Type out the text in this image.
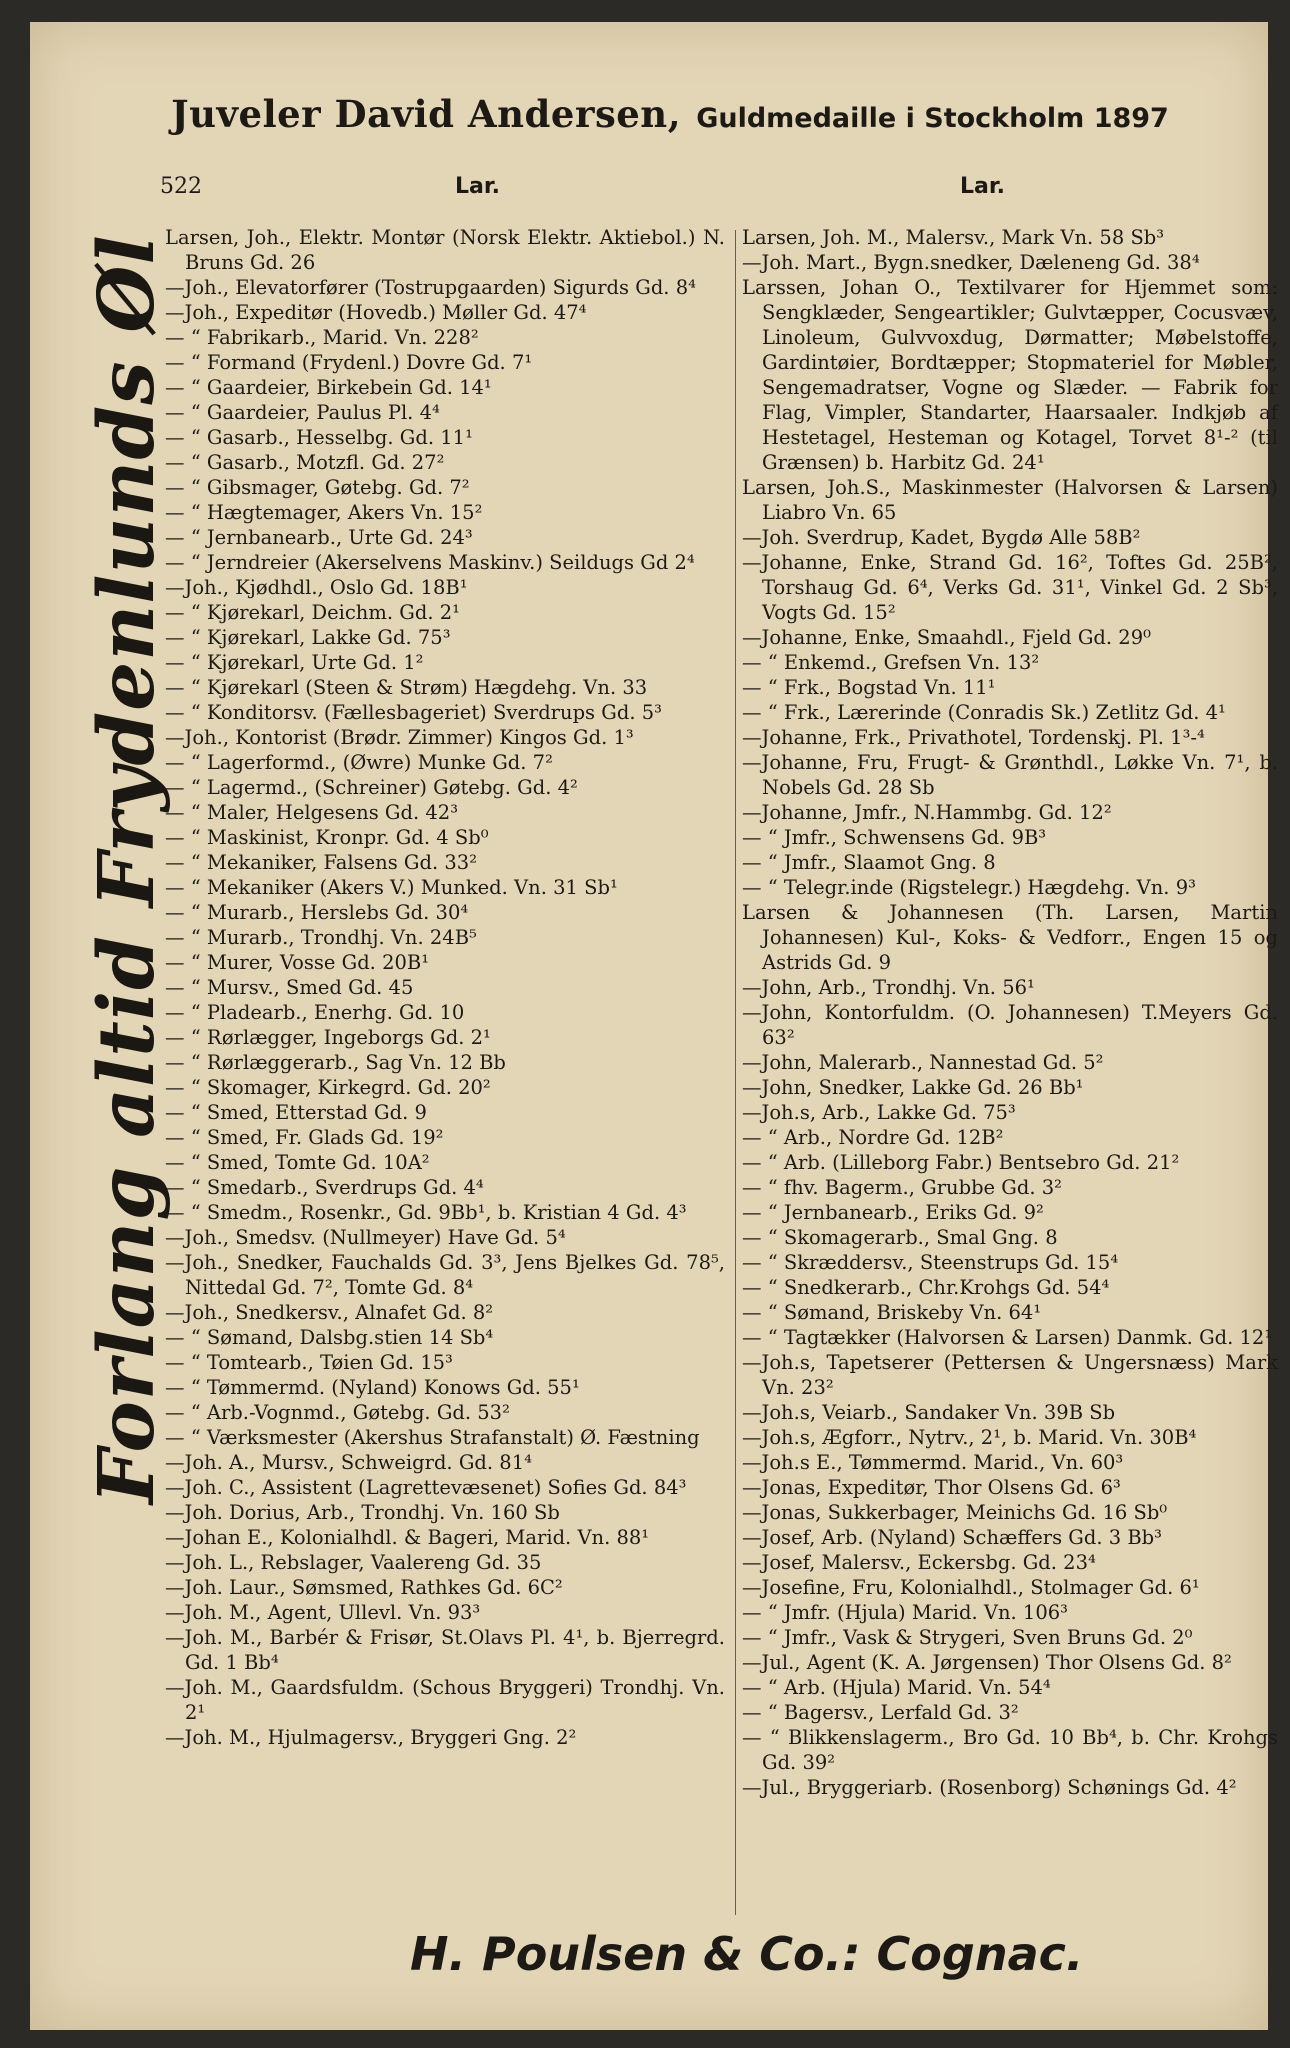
Juveler David Andersen, Guldmedaille i Stockholm 1897
522	Lar.	Lar.
Forlang altid Frydenlunds Øl

Larsen, Joh., Elektr. Montør (Norsk Elektr. Aktiebol.) N. Bruns Gd. 26

—Joh., Elevatorfører (Tostrupgaarden) Sigurds Gd. 8⁴

—Joh., Expeditør (Hovedb.) Møller Gd. 47⁴

— “ Fabrikarb., Marid. Vn. 228²

— “ Formand (Frydenl.) Dovre Gd. 7¹

— “ Gaardeier, Birkebein Gd. 14¹

— “ Gaardeier, Paulus Pl. 4⁴

— “ Gasarb., Hesselbg. Gd. 11¹

— “ Gasarb., Motzfl. Gd. 27²

— “ Gibsmager, Gøtebg. Gd. 7²

— “ Hægtemager, Akers Vn. 15²

— “ Jernbanearb., Urte Gd. 24³

— “ Jerndreier (Akerselvens Maskinv.) Seildugs Gd 2⁴

—Joh., Kjødhdl., Oslo Gd. 18B¹

— “ Kjørekarl, Deichm. Gd. 2¹

— “ Kjørekarl, Lakke Gd. 75³

— “ Kjørekarl, Urte Gd. 1²

— “ Kjørekarl (Steen & Strøm) Hægdehg. Vn. 33

— “ Konditorsv. (Fællesbageriet) Sverdrups Gd. 5³

—Joh., Kontorist (Brødr. Zimmer) Kingos Gd. 1³

— “ Lagerformd., (Øwre) Munke Gd. 7²

— “ Lagermd., (Schreiner) Gøtebg. Gd. 4²

— “ Maler, Helgesens Gd. 42³

— “ Maskinist, Kronpr. Gd. 4 Sb⁰

— “ Mekaniker, Falsens Gd. 33²

— “ Mekaniker (Akers V.) Munked. Vn. 31 Sb¹

— “ Murarb., Herslebs Gd. 30⁴

— “ Murarb., Trondhj. Vn. 24B⁵

— “ Murer, Vosse Gd. 20B¹

— “ Mursv., Smed Gd. 45

— “ Pladearb., Enerhg. Gd. 10

— “ Rørlægger, Ingeborgs Gd. 2¹

— “ Rørlæggerarb., Sag Vn. 12 Bb

— “ Skomager, Kirkegrd. Gd. 20²

— “ Smed, Etterstad Gd. 9

— “ Smed, Fr. Glads Gd. 19²

— “ Smed, Tomte Gd. 10A²

— “ Smedarb., Sverdrups Gd. 4⁴

— “ Smedm., Rosenkr., Gd. 9Bb¹, b. Kristian 4 Gd. 4³

—Joh., Smedsv. (Nullmeyer) Have Gd. 5⁴

—Joh., Snedker, Fauchalds Gd. 3³, Jens Bjelkes Gd. 78⁵, Nittedal Gd. 7², Tomte Gd. 8⁴

—Joh., Snedkersv., Alnafet Gd. 8²

— “ Sømand, Dalsbg.stien 14 Sb⁴

— “ Tomtearb., Tøien Gd. 15³

— “ Tømmermd. (Nyland) Konows Gd. 55¹

— “ Arb.-Vognmd., Gøtebg. Gd. 53²

— “ Værksmester (Akershus Strafanstalt) Ø. Fæstning

—Joh. A., Mursv., Schweigrd. Gd. 81⁴

—Joh. C., Assistent (Lagrettevæsenet) Sofies Gd. 84³

—Joh. Dorius, Arb., Trondhj. Vn. 160 Sb

—Johan E., Kolonialhdl. & Bageri, Marid. Vn. 88¹

—Joh. L., Rebslager, Vaalereng Gd. 35

—Joh. Laur., Sømsmed, Rathkes Gd. 6C²

—Joh. M., Agent, Ullevl. Vn. 93³

—Joh. M., Barbér & Frisør, St.Olavs Pl. 4¹, b. Bjerregrd. Gd. 1 Bb⁴

—Joh. M., Gaardsfuldm. (Schous Bryggeri) Trondhj. Vn. 2¹

—Joh. M., Hjulmagersv., Bryggeri Gng. 2²

Larsen, Joh. M., Malersv., Mark Vn. 58 Sb³

—Joh. Mart., Bygn.snedker, Dæleneng Gd. 38⁴

Larssen, Johan O., Textilvarer for Hjemmet som: Sengklæder, Sengeartikler; Gulvtæpper, Cocusvæv, Linoleum, Gulvvoxdug, Dørmatter; Møbelstoffe, Gardintøier, Bordtæpper; Stopmateriel for Møbler, Sengemadratser, Vogne og Slæder. — Fabrik for Flag, Vimpler, Standarter, Haarsaaler. Indkjøb af Hestetagel, Hesteman og Kotagel, Torvet 8¹-² (til Grænsen) b. Harbitz Gd. 24¹

Larsen, Joh.S., Maskinmester (Halvorsen & Larsen) Liabro Vn. 65

—Joh. Sverdrup, Kadet, Bygdø Alle 58B²

—Johanne, Enke, Strand Gd. 16², Toftes Gd. 25B², Torshaug Gd. 6⁴, Verks Gd. 31¹, Vinkel Gd. 2 Sb³, Vogts Gd. 15²

—Johanne, Enke, Smaahdl., Fjeld Gd. 29⁰

— “ Enkemd., Grefsen Vn. 13²

— “ Frk., Bogstad Vn. 11¹

— “ Frk., Lærerinde (Conradis Sk.) Zetlitz Gd. 4¹

—Johanne, Frk., Privathotel, Tordenskj. Pl. 1³-⁴

—Johanne, Fru, Frugt- & Grønthdl., Løkke Vn. 7¹, b. Nobels Gd. 28 Sb

—Johanne, Jmfr., N.Hammbg. Gd. 12²

— “ Jmfr., Schwensens Gd. 9B³

— “ Jmfr., Slaamot Gng. 8

— “ Telegr.inde (Rigstelegr.) Hægdehg. Vn. 9³

Larsen & Johannesen (Th. Larsen, Martin Johannesen) Kul-, Koks- & Vedforr., Engen 15 og Astrids Gd. 9

—John, Arb., Trondhj. Vn. 56¹

—John, Kontorfuldm. (O. Johannesen) T.Meyers Gd. 63²

—John, Malerarb., Nannestad Gd. 5²

—John, Snedker, Lakke Gd. 26 Bb¹

—Joh.s, Arb., Lakke Gd. 75³

— “ Arb., Nordre Gd. 12B²

— “ Arb. (Lilleborg Fabr.) Bentsebro Gd. 21²

— “ fhv. Bagerm., Grubbe Gd. 3²

— “ Jernbanearb., Eriks Gd. 9²

— “ Skomagerarb., Smal Gng. 8

— “ Skræddersv., Steenstrups Gd. 15⁴

— “ Snedkerarb., Chr.Krohgs Gd. 54⁴

— “ Sømand, Briskeby Vn. 64¹

— “ Tagtækker (Halvorsen & Larsen) Danmk. Gd. 12¹

—Joh.s, Tapetserer (Pettersen & Ungersnæss) Mark Vn. 23²

—Joh.s, Veiarb., Sandaker Vn. 39B Sb

—Joh.s, Ægforr., Nytrv., 2¹, b. Marid. Vn. 30B⁴

—Joh.s E., Tømmermd. Marid., Vn. 60³

—Jonas, Expeditør, Thor Olsens Gd. 6³

—Jonas, Sukkerbager, Meinichs Gd. 16 Sb⁰

—Josef, Arb. (Nyland) Schæffers Gd. 3 Bb³

—Josef, Malersv., Eckersbg. Gd. 23⁴

—Josefine, Fru, Kolonialhdl., Stolmager Gd. 6¹

— “ Jmfr. (Hjula) Marid. Vn. 106³

— “ Jmfr., Vask & Strygeri, Sven Bruns Gd. 2⁰

—Jul., Agent (K. A. Jørgensen) Thor Olsens Gd. 8²

— “ Arb. (Hjula) Marid. Vn. 54⁴

— “ Bagersv., Lerfald Gd. 3²

— “ Blikkenslagerm., Bro Gd. 10 Bb⁴, b. Chr. Krohgs Gd. 39²

—Jul., Bryggeriarb. (Rosenborg) Schønings Gd. 4²

H. Poulsen & Co.: Cognac.
